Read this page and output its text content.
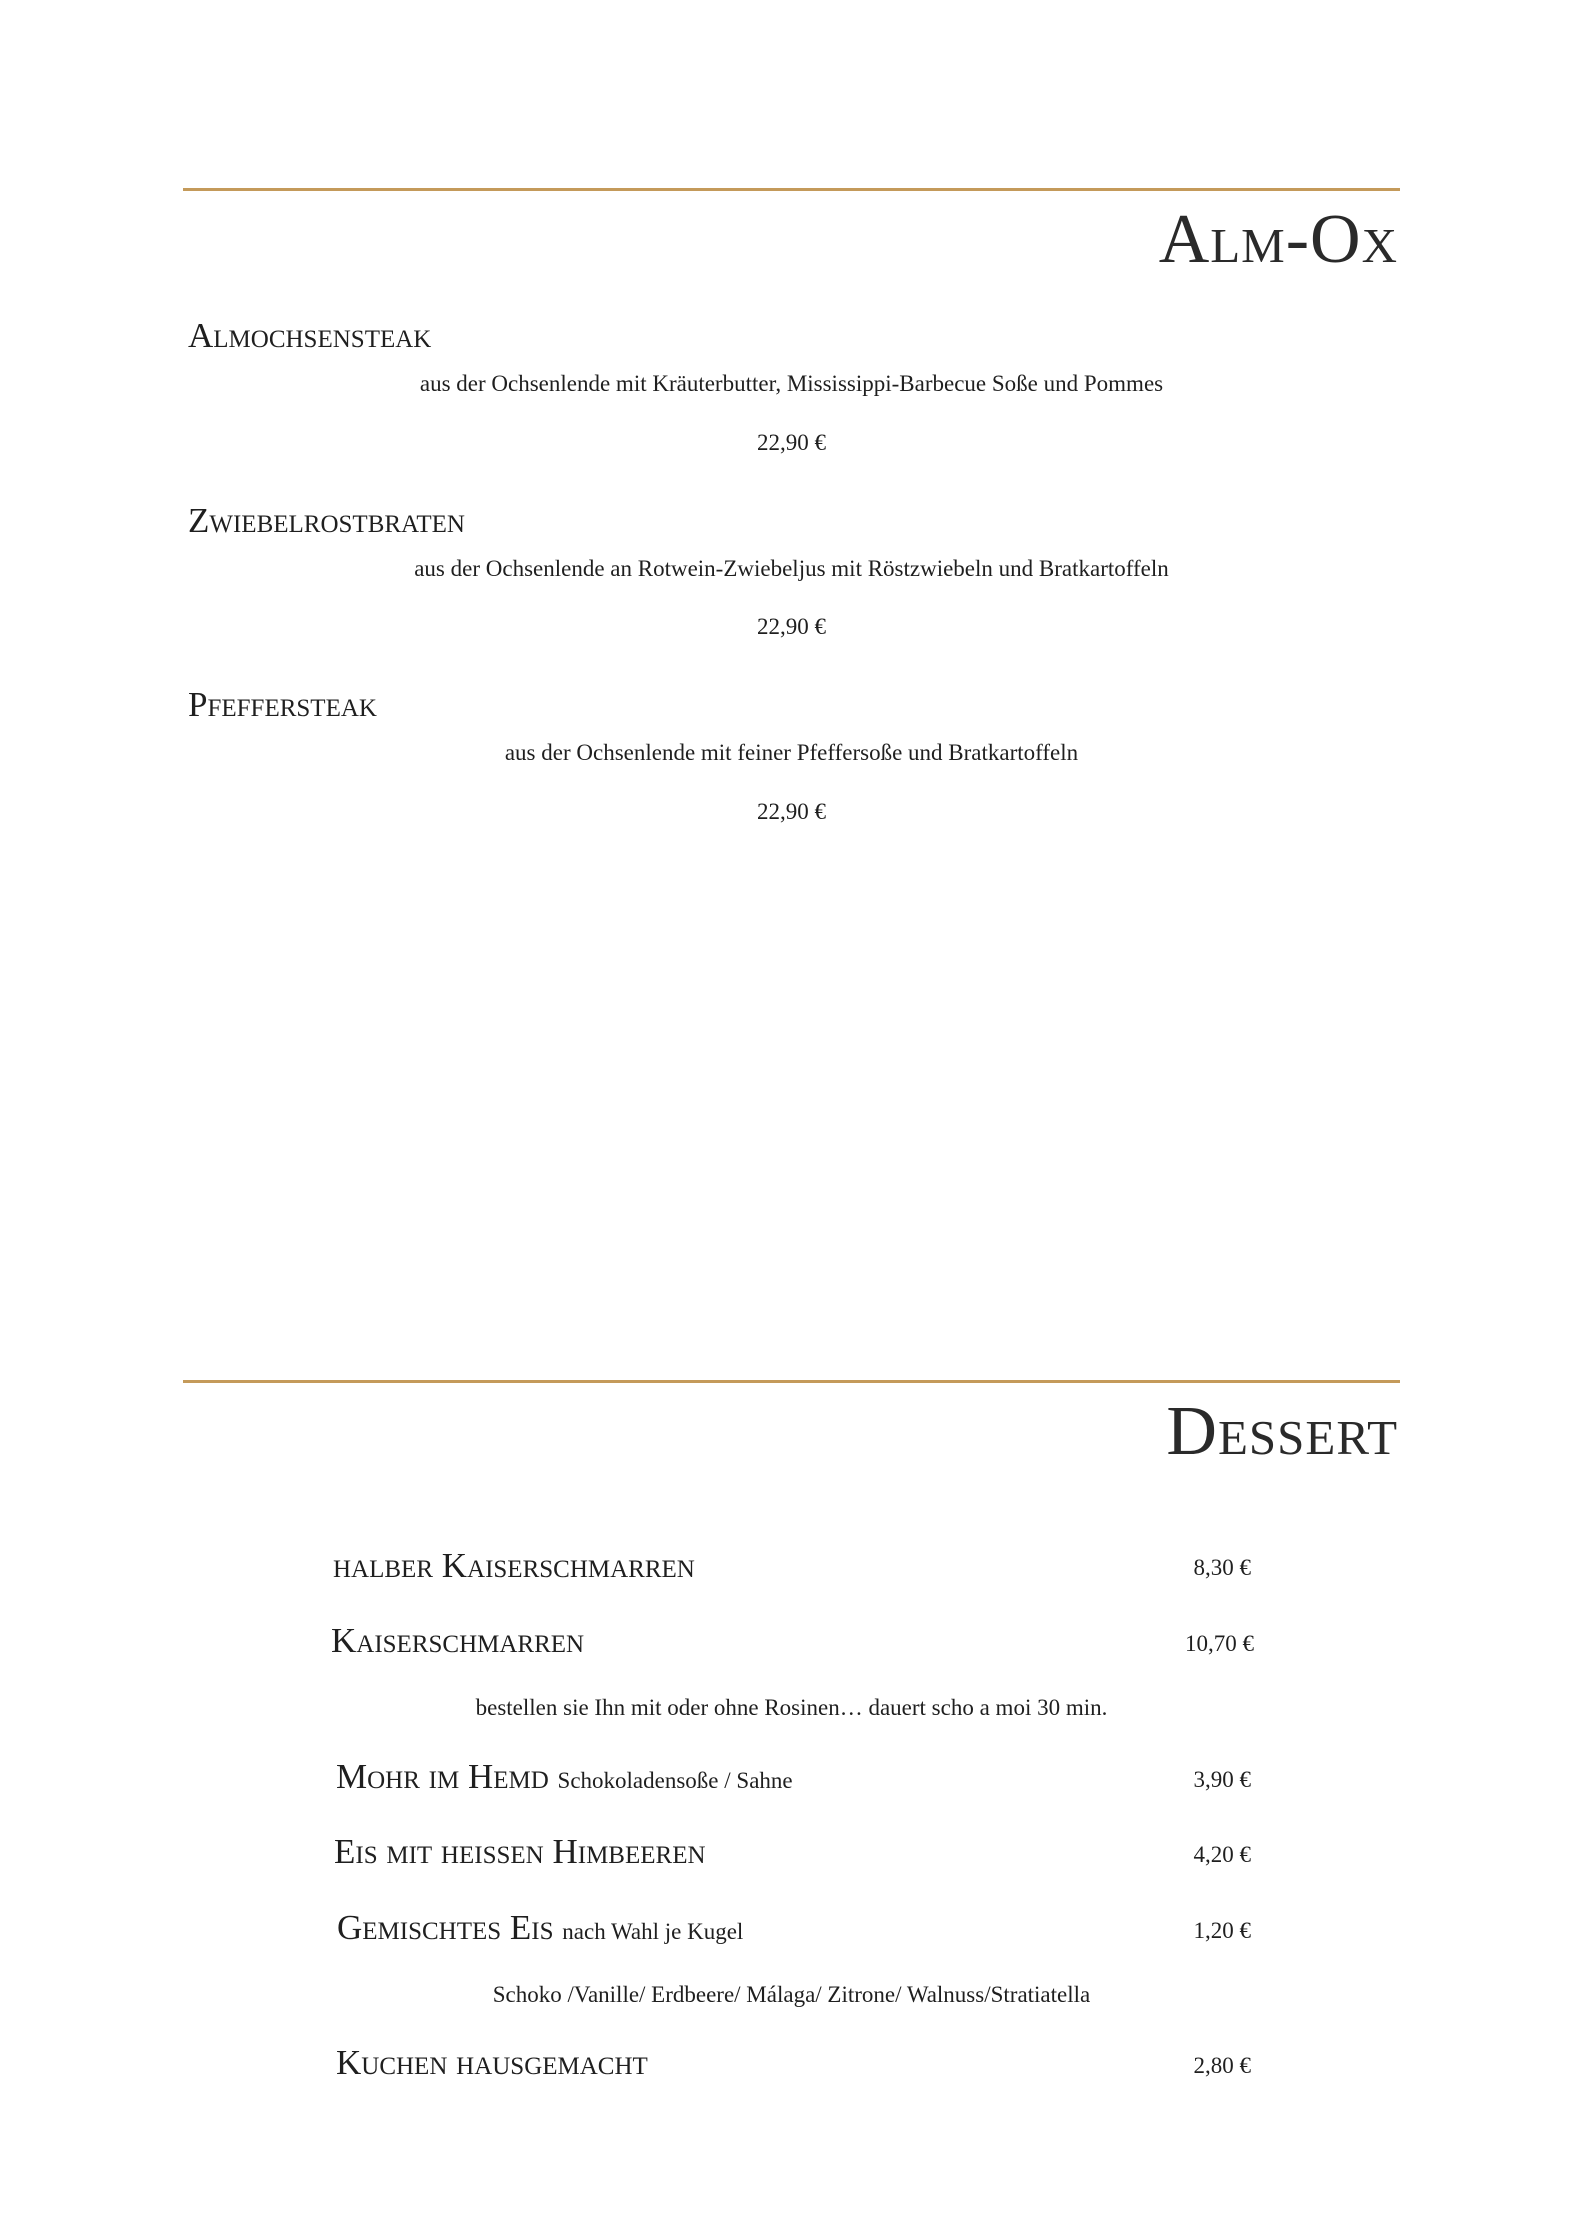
Alm-Ox
Almochsensteak
aus der Ochsenlende mit Kräuterbutter, Mississippi-Barbecue Soße und Pommes
22,90 €
Zwiebelrostbraten
aus der Ochsenlende an Rotwein-Zwiebeljus mit Röstzwiebeln und Bratkartoffeln
22,90 €
Pfeffersteak
aus der Ochsenlende mit feiner Pfeffersoße und Bratkartoffeln
22,90 €
Dessert
halber Kaiserschmarren	8,30 €
Kaiserschmarren	10,70 €
bestellen sie Ihn mit oder ohne Rosinen… dauert scho a moi 30 min.
Mohr im Hemd Schokoladensoße / Sahne	3,90 €
Eis mit heißen Himbeeren	4,20 €
Gemischtes Eis nach Wahl je Kugel	1,20 €
Schoko /Vanille/ Erdbeere/ Málaga/ Zitrone/ Walnuss/Stratiatella
Kuchen hausgemacht	2,80 €
